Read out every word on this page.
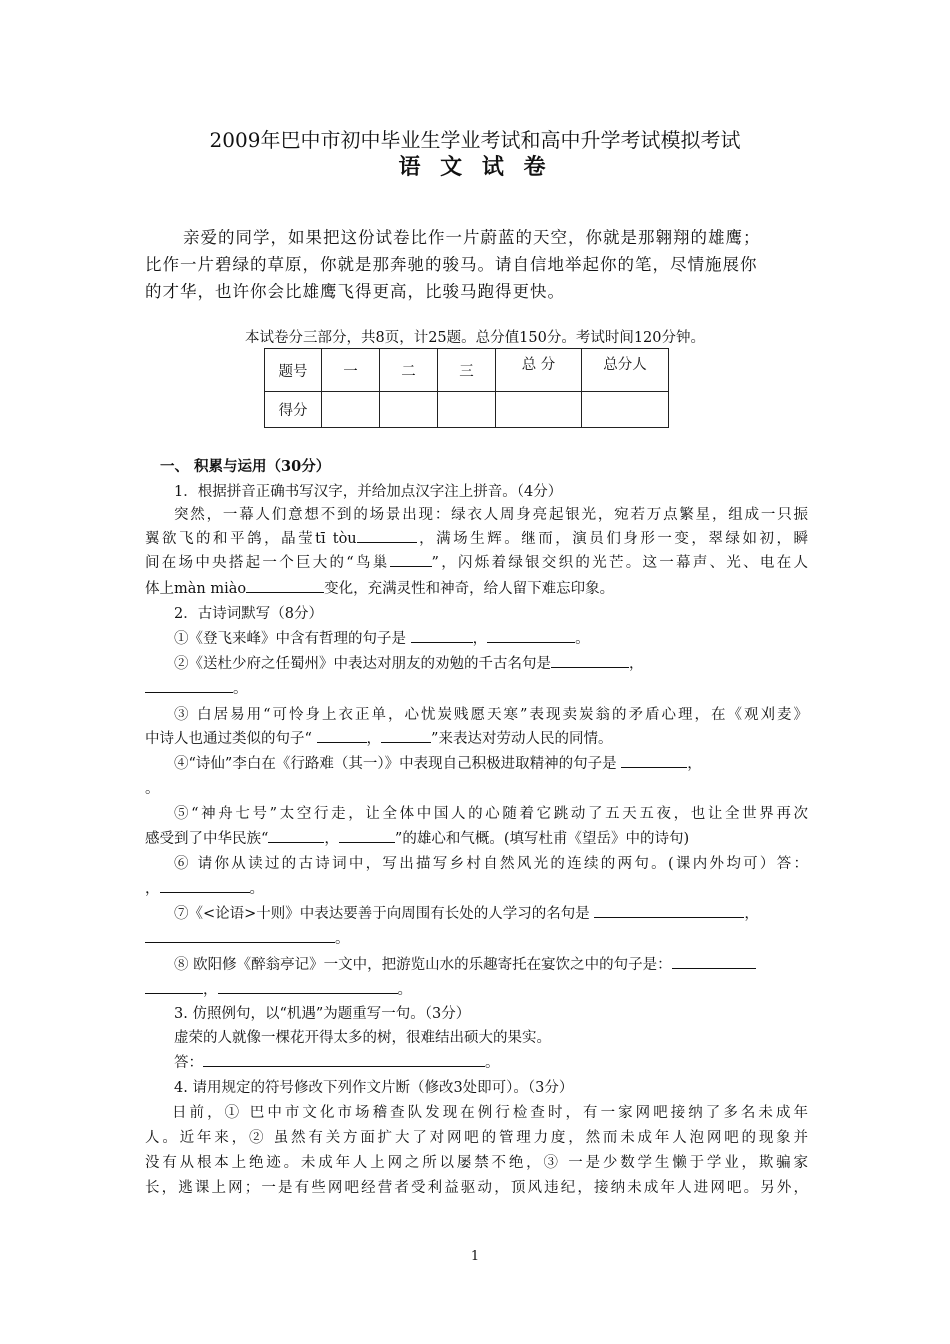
2009年巴中市初中毕业生学业考试和高中升学考试模拟考试
语 文 试 卷
亲爱的同学，如果把这份试卷比作一片蔚蓝的天空，你就是那翱翔的雄鹰；
比作一片碧绿的草原，你就是那奔驰的骏马。请自信地举起你的笔，尽情施展你
的才华，也许你会比雄鹰飞得更高，比骏马跑得更快。
本试卷分三部分，共8页，计25题。总分值150分。考试时间120分钟。
题号	一	二	三	总 分	总分人
得分					
一、 积累与运用（30分）
1．根据拼音正确书写汉字，并给加点汉字注上拼音。（4分）
突然，一幕人们意想不到的场景出现：绿衣人周身亮起银光，宛若万点繁星，组成一只振
翼欲飞的和平鸽，晶莹tī tòu	，满场生辉。继而，演员们身形一变，翠绿如初，瞬
间在场中央搭起一个巨大的“鸟巢	”，闪烁着绿银交织的光芒。这一幕声、光、电在人
体上màn miào	变化，充满灵性和神奇，给人留下难忘印象。
2．古诗词默写（8分）
①《登飞来峰》中含有哲理的句子是	，	。
②《送杜少府之任蜀州》中表达对朋友的劝勉的千古名句是	，
。
③ 白居易用“可怜身上衣正单，心忧炭贱愿天寒”表现卖炭翁的矛盾心理，在《观刈麦》
中诗人也通过类似的句子“	，	”来表达对劳动人民的同情。
④“诗仙”李白在《行路难（其一）》中表现自己积极进取精神的句子是	，
。
⑤“神舟七号”太空行走，让全体中国人的心随着它跳动了五天五夜，也让全世界再次
感受到了中华民族“	，	”的雄心和气概。(填写杜甫《望岳》中的诗句)
⑥ 请你从读过的古诗词中，写出描写乡村自然风光的连续的两句。(课内外均可）答：
，	。
⑦《<论语>十则》中表达要善于向周围有长处的人学习的名句是	，
。
⑧ 欧阳修《醉翁亭记》一文中，把游览山水的乐趣寄托在宴饮之中的句子是：
，	。
3. 仿照例句，以“机遇”为题重写一句。（3分）
虚荣的人就像一棵花开得太多的树，很难结出硕大的果实。
答：	。
4. 请用规定的符号修改下列作文片断（修改3处即可）。（3分）
日前，① 巴中市文化市场稽查队发现在例行检查时，有一家网吧接纳了多名未成年
人。近年来，② 虽然有关方面扩大了对网吧的管理力度，然而未成年人泡网吧的现象并
没有从根本上绝迹。未成年人上网之所以屡禁不绝，③ 一是少数学生懒于学业，欺骗家
长，逃课上网；一是有些网吧经营者受利益驱动，顶风违纪，接纳未成年人进网吧。另外，
1
